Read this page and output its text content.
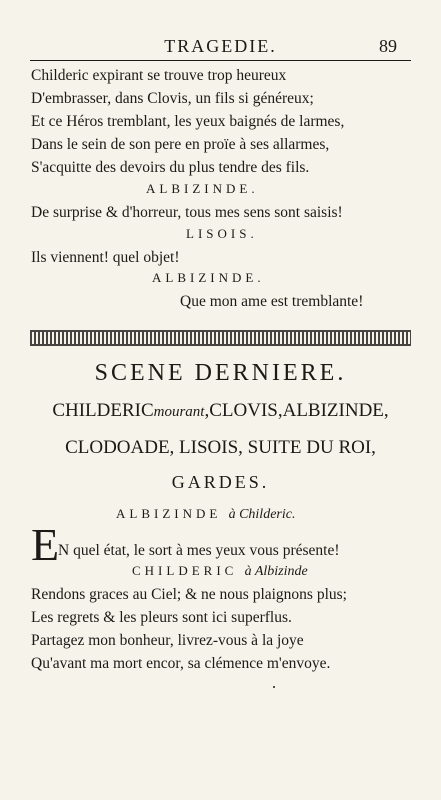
TRAGEDIE.	89
Childeric expirant se trouve trop heureux
D'embrasser, dans Clovis, un fils si généreux;
Et ce Héros tremblant, les yeux baignés de larmes,
Dans le sein de son pere en proïe à ses allarmes,
S'acquitte des devoirs du plus tendre des fils.
ALBIZINDE.
De surprise & d'horreur, tous mes sens sont saisis!
LISOIS.
Ils viennent! quel objet!
ALBIZINDE.
Que mon ame est tremblante!
SCENE DERNIERE.
CHILDERICmourant,CLOVIS,ALBIZINDE,
CLODOADE, LISOIS, SUITE DU ROI,
GARDES.
ALBIZINDE à Childeric.
E
N quel état, le sort à mes yeux vous présente!
CHILDERIC à Albizinde
Rendons graces au Ciel; & ne nous plaignons plus;
Les regrets & les pleurs sont ici superflus.
Partagez mon bonheur, livrez-vous à la joye
Qu'avant ma mort encor, sa clémence m'envoye.
